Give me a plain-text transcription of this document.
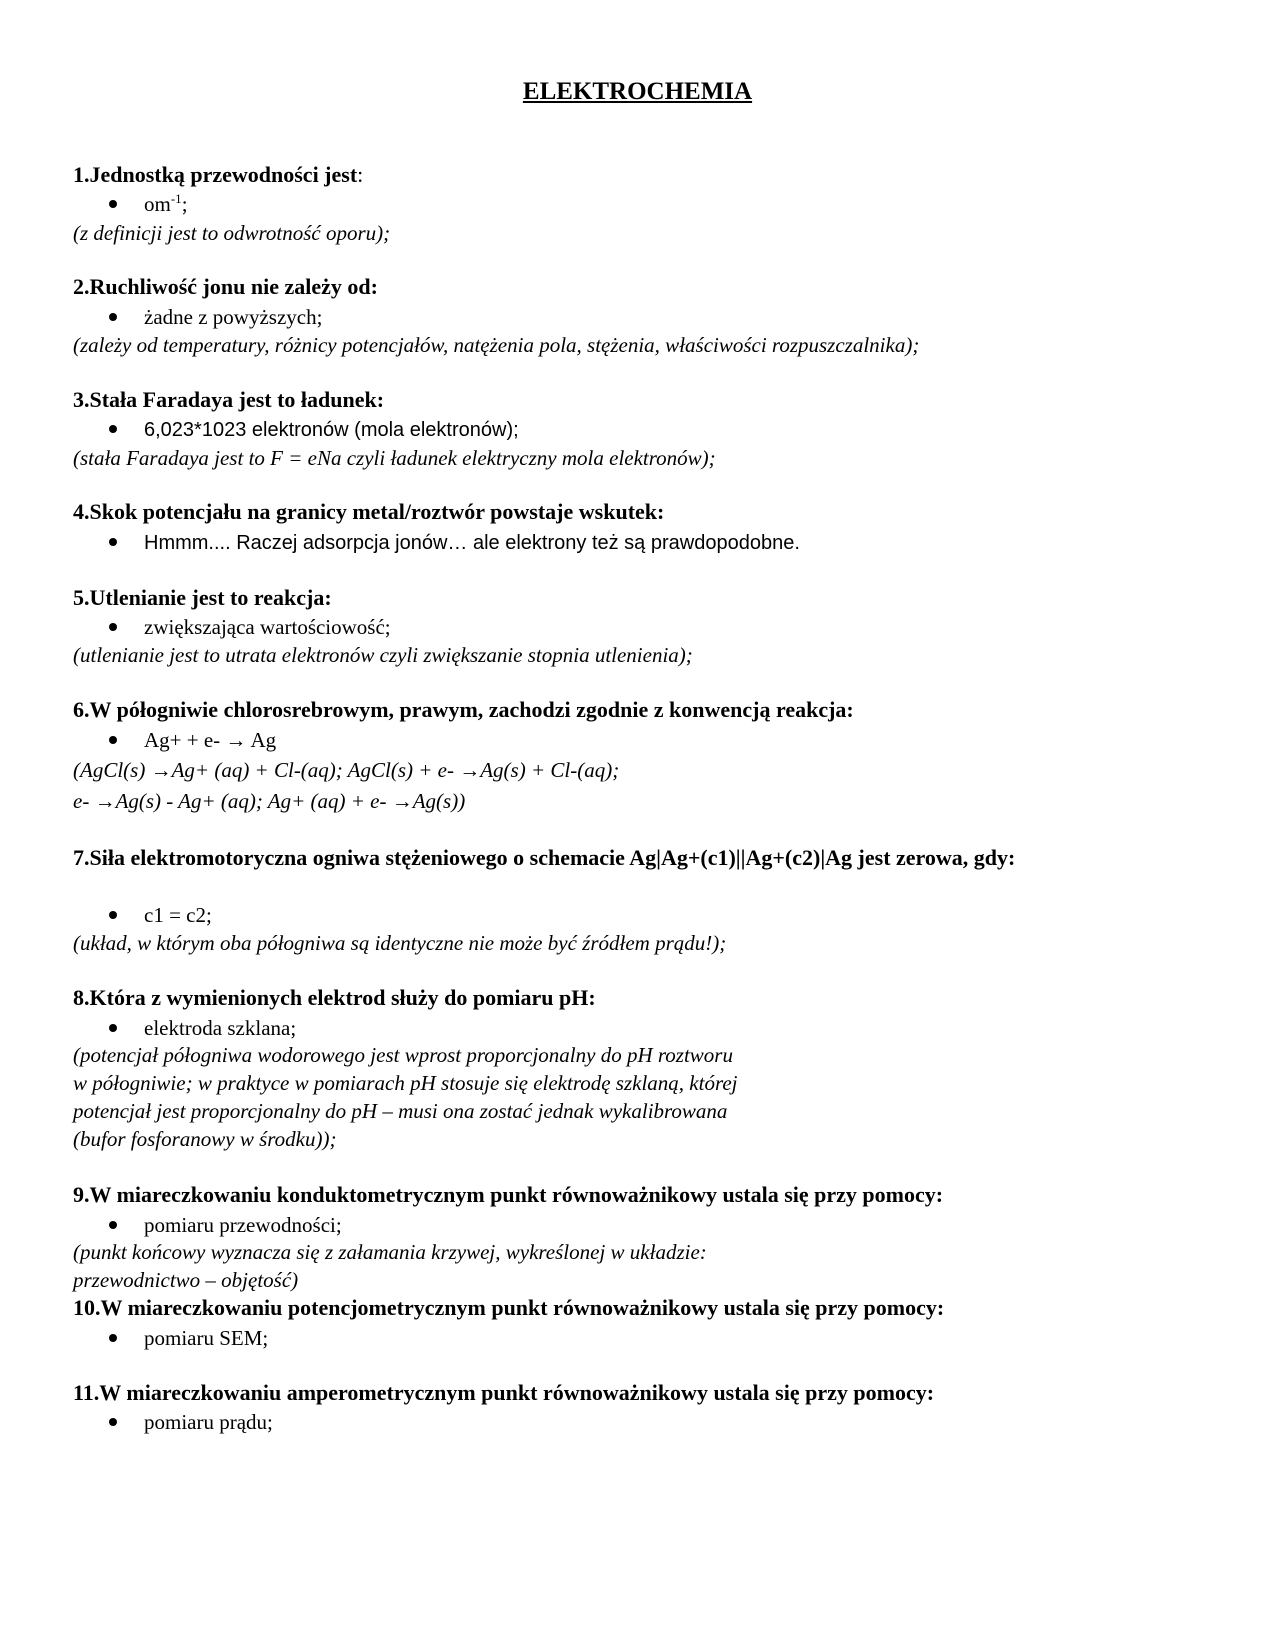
ELEKTROCHEMIA
1.Jednostką przewodności jest:
$om^{-1}$;
(z definicji jest to odwrotność oporu);
2.Ruchliwość jonu nie zależy od:
żadne z powyższych;
(zależy od temperatury, różnicy potencjałów, natężenia pola, stężenia, właściwości rozpuszczalnika);
3.Stała Faradaya jest to ładunek:
6,023*1023 elektronów (mola elektronów);
(stała Faradaya jest to F = eNa czyli ładunek elektryczny mola elektronów);
4.Skok potencjału na granicy metal/roztwór powstaje wskutek:
Hmmm.... Raczej adsorpcja jonów… ale elektrony też są prawdopodobne.
5.Utlenianie jest to reakcja:
zwiększająca wartościowość;
(utlenianie jest to utrata elektronów czyli zwiększanie stopnia utlenienia);
6.W półogniwie chlorosrebrowym, prawym, zachodzi zgodnie z konwencją reakcja:
Ag+ + e- → Ag
(AgCl(s) →Ag+ (aq) + Cl-(aq); AgCl(s) + e- →Ag(s) + Cl-(aq);
e- →Ag(s) - Ag+ (aq); Ag+ (aq) + e- →Ag(s))
7.Siła elektromotoryczna ogniwa stężeniowego o schemacie Ag|Ag+(c1)||Ag+(c2)|Ag jest zerowa, gdy:
c1 = c2;
(układ, w którym oba półogniwa są identyczne nie może być źródłem prądu!);
8.Która z wymienionych elektrod służy do pomiaru pH:
elektroda szklana;
(potencjał półogniwa wodorowego jest wprost proporcjonalny do pH roztworu
w półogniwie; w praktyce w pomiarach pH stosuje się elektrodę szklaną, której
potencjał jest proporcjonalny do pH – musi ona zostać jednak wykalibrowana
(bufor fosforanowy w środku));
9.W miareczkowaniu konduktometrycznym punkt równoważnikowy ustala się przy pomocy:
pomiaru przewodności;
(punkt końcowy wyznacza się z załamania krzywej, wykreślonej w układzie:
przewodnictwo – objętość)
10.W miareczkowaniu potencjometrycznym punkt równoważnikowy ustala się przy pomocy:
pomiaru SEM;
11.W miareczkowaniu amperometrycznym punkt równoważnikowy ustala się przy pomocy:
pomiaru prądu;
